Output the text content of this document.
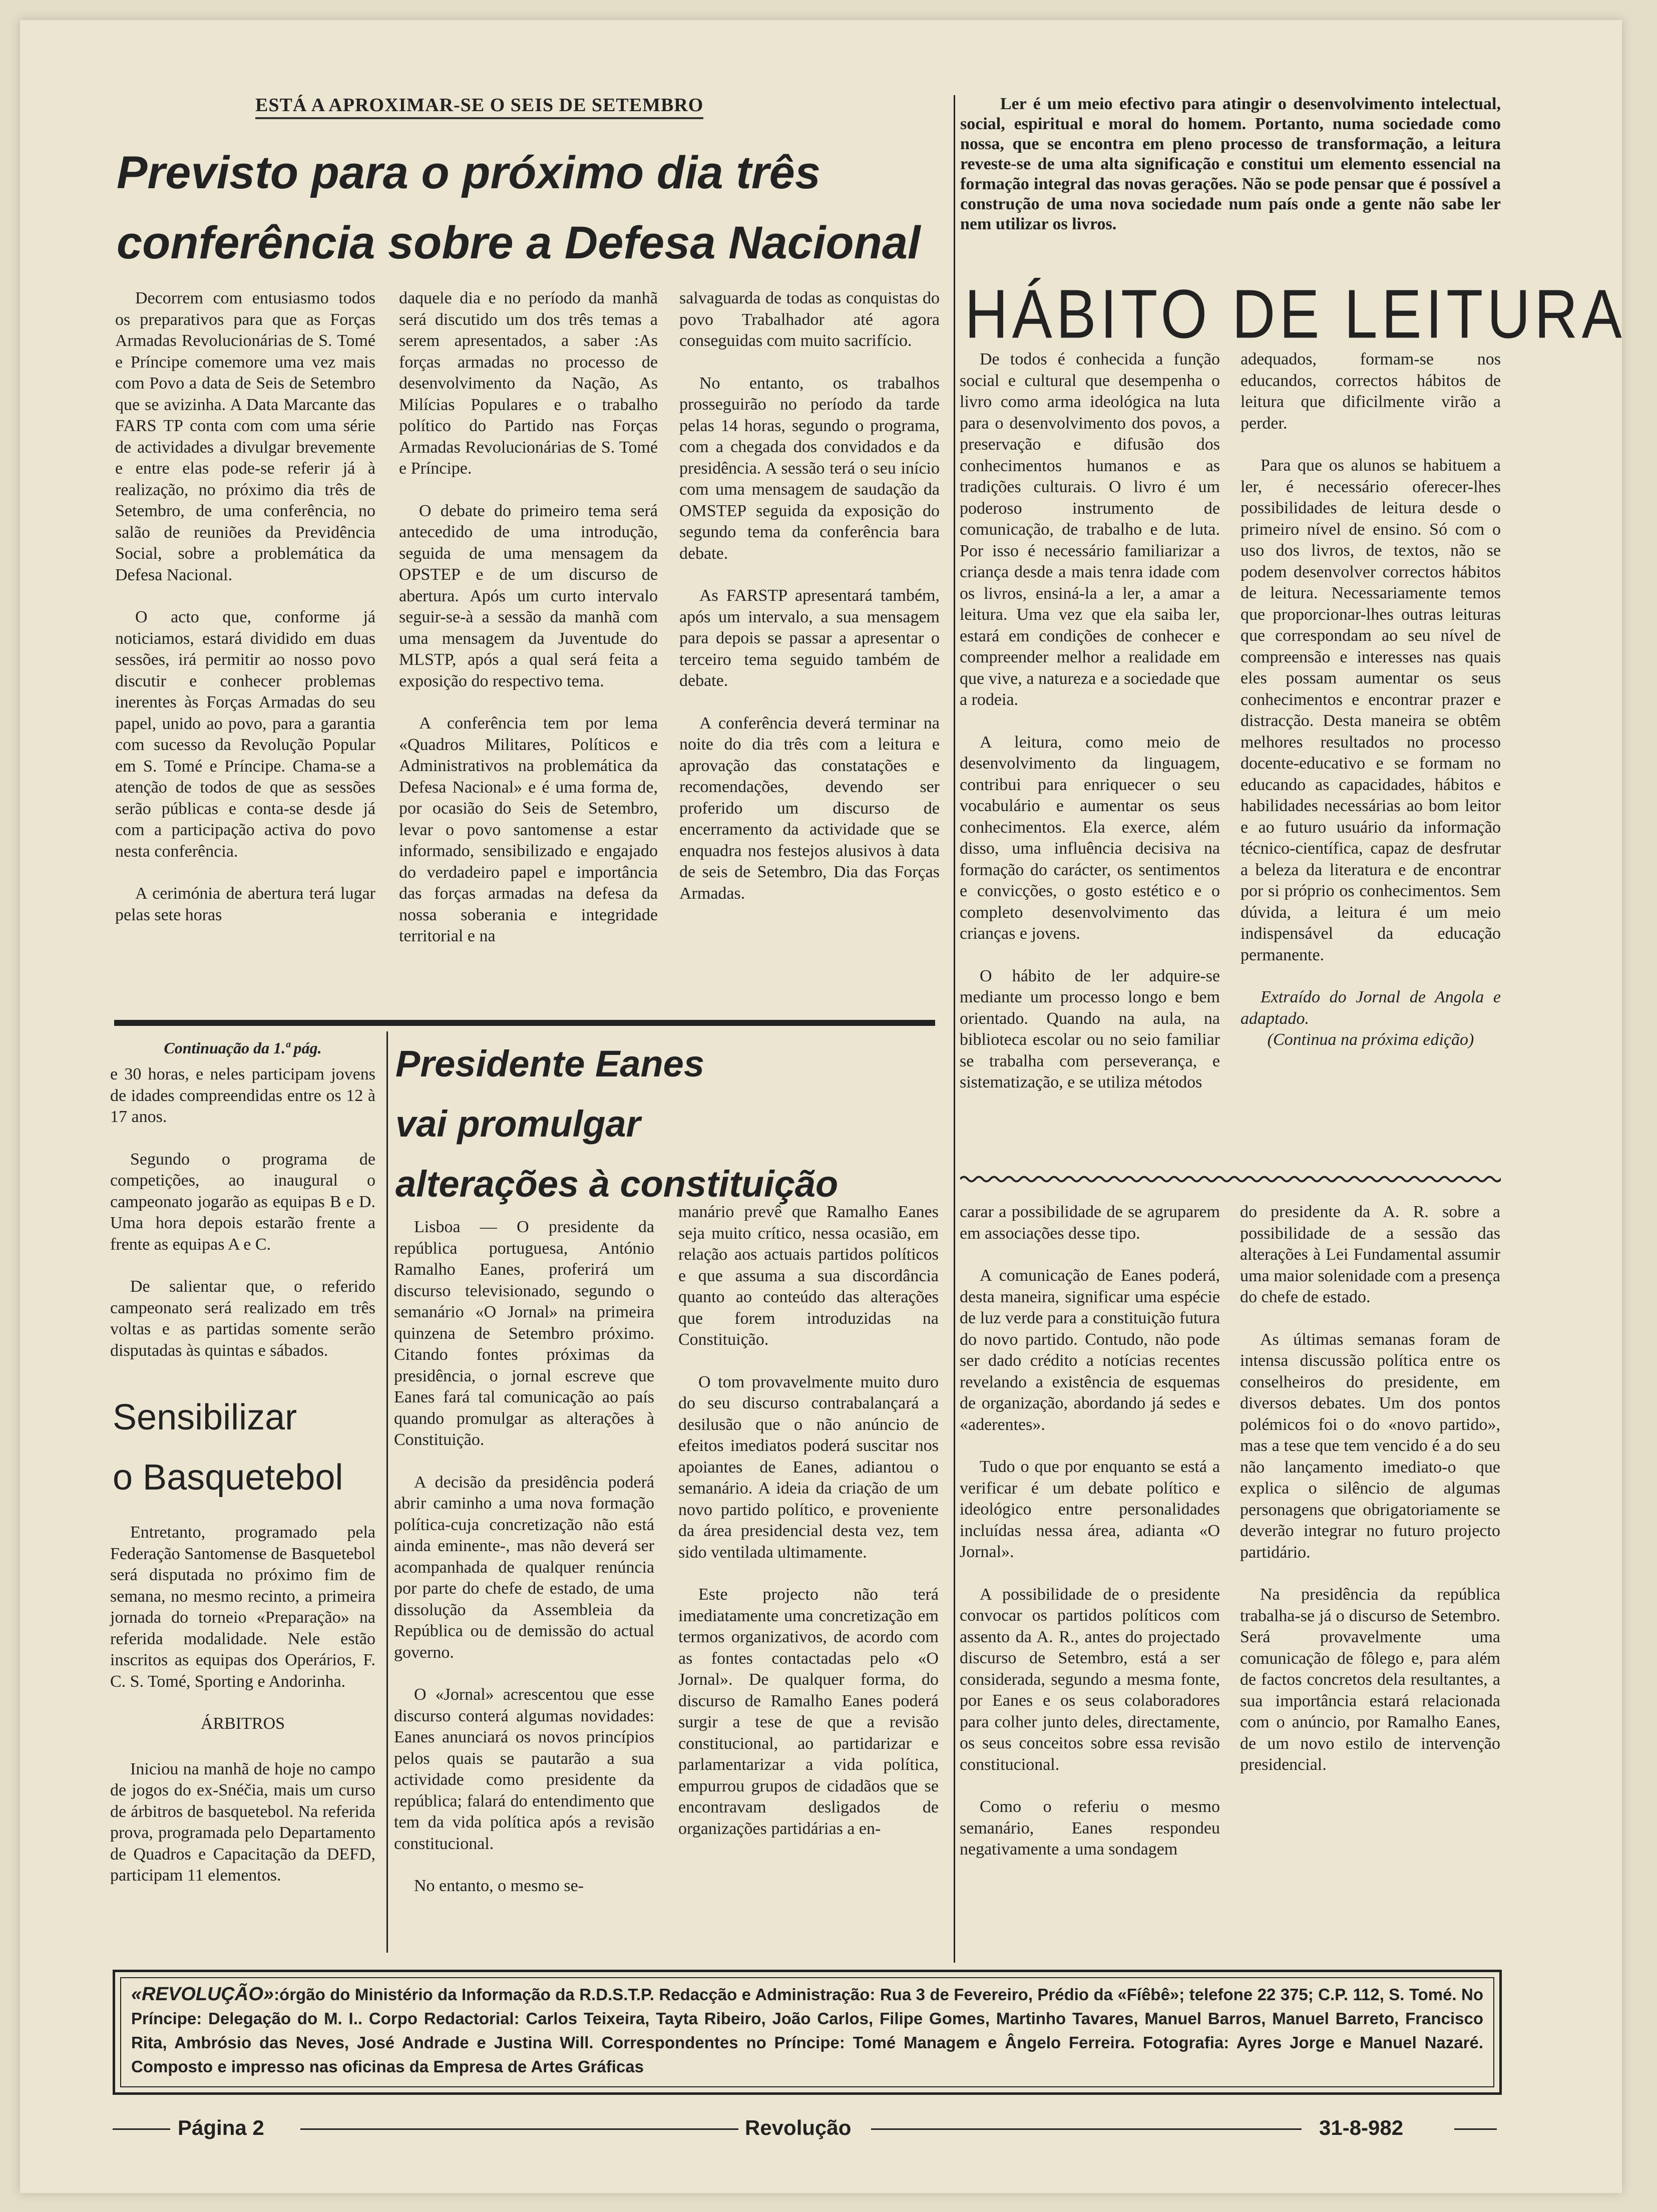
ESTÁ A APROXIMAR-SE O SEIS DE SETEMBRO
Previsto para o próximo dia três
conferência sobre a Defesa Nacional

Decorrem com entusiasmo todos os preparativos para que as Forças Armadas Revolucionárias de S. Tomé e Príncipe comemore uma vez mais com Povo a data de Seis de Setembro que se avizinha. A Data Marcante das FARS TP conta com com uma série de actividades a divulgar brevemente e entre elas pode-se referir já à realização, no próximo dia três de Setembro, de uma conferência, no salão de reuniões da Previdência Social, sobre a problemática da Defesa Nacional.

O acto que, conforme já noticiamos, estará dividido em duas sessões, irá permitir ao nosso povo discutir e conhecer problemas inerentes às Forças Armadas do seu papel, unido ao povo, para a garantia com sucesso da Revolução Popular em S. Tomé e Príncipe. Chama-se a atenção de todos de que as sessões serão públicas e conta-se desde já com a participação activa do povo nesta conferência.

A cerimónia de abertura terá lugar pelas sete horas

daquele dia e no período da manhã será discutido um dos três temas a serem apresentados, a saber :As forças armadas no processo de desenvolvimento da Nação, As Milícias Populares e o trabalho político do Partido nas Forças Armadas Revolucionárias de S. Tomé e Príncipe.

O debate do primeiro tema será antecedido de uma introdução, seguida de uma mensagem da OPSTEP e de um discurso de abertura. Após um curto intervalo seguir-se-à a sessão da manhã com uma mensagem da Juventude do MLSTP, após a qual será feita a exposição do respectivo tema.

A conferência tem por lema «Quadros Militares, Políticos e Administrativos na problemática da Defesa Nacional» e é uma forma de, por ocasião do Seis de Setembro, levar o povo santomense a estar informado, sensibilizado e engajado do verdadeiro papel e importância das forças armadas na defesa da nossa soberania e integridade territorial e na

salvaguarda de todas as conquistas do povo Trabalhador até agora conseguidas com muito sacrifício.

No entanto, os trabalhos prosseguirão no período da tarde pelas 14 horas, segundo o programa, com a chegada dos convidados e da presidência. A sessão terá o seu início com uma mensagem de saudação da OMSTEP seguida da exposição do segundo tema da conferência bara debate.

As FARSTP apresentará também, após um intervalo, a sua mensagem para depois se passar a apresentar o terceiro tema seguido também de debate.

A conferência deverá terminar na noite do dia três com a leitura e aprovação das constatações e recomendações, devendo ser proferido um discurso de encerramento da actividade que se enquadra nos festejos alusivos à data de seis de Setembro, Dia das Forças Armadas.

Continuação da 1.ª pág.

e 30 horas, e neles participam jovens de idades compreendidas entre os 12 à 17 anos.

Segundo o programa de competições, ao inaugural o campeonato jogarão as equipas B e D. Uma hora depois estarão frente a frente as equipas A e C.

De salientar que, o referido campeonato será realizado em três voltas e as partidas somente serão disputadas às quintas e sábados.

Sensibilizar
o Basquetebol

Entretanto, programado pela Federação Santomense de Basquetebol será disputada no próximo fim de semana, no mesmo recinto, a primeira jornada do torneio «Preparação» na referida modalidade. Nele estão inscritos as equipas dos Operários, F. C. S. Tomé, Sporting e Andorinha.

ÁRBITROS

Iniciou na manhã de hoje no campo de jogos do ex-Snéčia, mais um curso de árbitros de basquetebol. Na referida prova, programada pelo Departamento de Quadros e Capacitação da DEFD, participam 11 elementos.

Presidente Eanes
vai promulgar
alterações à constituição

Lisboa — O presidente da república portuguesa, António Ramalho Eanes, proferirá um discurso televisionado, segundo o semanário «O Jornal» na primeira quinzena de Setembro próximo. Citando fontes próximas da presidência, o jornal escreve que Eanes fará tal comunicação ao país quando promulgar as alterações à Constituição.

A decisão da presidência poderá abrir caminho a uma nova formação política-cuja concretização não está ainda eminente-, mas não deverá ser acompanhada de qualquer renúncia por parte do chefe de estado, de uma dissolução da Assembleia da República ou de demissão do actual governo.

O «Jornal» acrescentou que esse discurso conterá algumas novidades: Eanes anunciará os novos princípios pelos quais se pautarão a sua actividade como presidente da república; falará do entendimento que tem da vida política após a revisão constitucional.

No entanto, o mesmo se-

manário prevê que Ramalho Eanes seja muito crítico, nessa ocasião, em relação aos actuais partidos políticos e que assuma a sua discordância quanto ao conteúdo das alterações que forem introduzidas na Constituição.

O tom provavelmente muito duro do seu discurso contrabalançará a desilusão que o não anúncio de efeitos imediatos poderá suscitar nos apoiantes de Eanes, adiantou o semanário. A ideia da criação de um novo partido político, e proveniente da área presidencial desta vez, tem sido ventilada ultimamente.

Este projecto não terá imediatamente uma concretização em termos organizativos, de acordo com as fontes contactadas pelo «O Jornal». De qualquer forma, do discurso de Ramalho Eanes poderá surgir a tese de que a revisão constitucional, ao partidarizar e parlamentarizar a vida política, empurrou grupos de cidadãos que se encontravam desligados de organizações partidárias a en-

carar a possibilidade de se agruparem em associações desse tipo.

A comunicação de Eanes poderá, desta maneira, significar uma espécie de luz verde para a constituição futura do novo partido. Contudo, não pode ser dado crédito a notícias recentes revelando a existência de esquemas de organização, abordando já sedes e «aderentes».

Tudo o que por enquanto se está a verificar é um debate político e ideológico entre personalidades incluídas nessa área, adianta «O Jornal».

A possibilidade de o presidente convocar os partidos políticos com assento da A. R., antes do projectado discurso de Setembro, está a ser considerada, segundo a mesma fonte, por Eanes e os seus colaboradores para colher junto deles, directamente, os seus conceitos sobre essa revisão constitucional.

Como o referiu o mesmo semanário, Eanes respondeu negativamente a uma sondagem

do presidente da A. R. sobre a possibilidade de a sessão das alterações à Lei Fundamental assumir uma maior solenidade com a presença do chefe de estado.

As últimas semanas foram de intensa discussão política entre os conselheiros do presidente, em diversos debates. Um dos pontos polémicos foi o do «novo partido», mas a tese que tem vencido é a do seu não lançamento imediato-o que explica o silêncio de algumas personagens que obrigatoriamente se deverão integrar no futuro projecto partidário.

Na presidência da república trabalha-se já o discurso de Setembro. Será provavelmente uma comunicação de fôlego e, para além de factos concretos dela resultantes, a sua importância estará relacionada com o anúncio, por Ramalho Eanes, de um novo estilo de intervenção presidencial.

Ler é um meio efectivo para atingir o desenvolvimento intelectual, social, espiritual e moral do homem. Portanto, numa sociedade como nossa, que se encontra em pleno processo de transformação, a leitura reveste-se de uma alta significação e constitui um elemento essencial na formação integral das novas gerações. Não se pode pensar que é possível a construção de uma nova sociedade num país onde a gente não sabe ler nem utilizar os livros.

HÁBITO DE LEITURA

De todos é conhecida a função social e cultural que desempenha o livro como arma ideológica na luta para o desenvolvimento dos povos, a preservação e difusão dos conhecimentos humanos e as tradições culturais. O livro é um poderoso instrumento de comunicação, de trabalho e de luta. Por isso é necessário familiarizar a criança desde a mais tenra idade com os livros, ensiná-la a ler, a amar a leitura. Uma vez que ela saiba ler, estará em condições de conhecer e compreender melhor a realidade em que vive, a natureza e a sociedade que a rodeia.

A leitura, como meio de desenvolvimento da linguagem, contribui para enriquecer o seu vocabulário e aumentar os seus conhecimentos. Ela exerce, além disso, uma influência decisiva na formação do carácter, os sentimentos e convicções, o gosto estético e o completo desenvolvimento das crianças e jovens.

O hábito de ler adquire-se mediante um processo longo e bem orientado. Quando na aula, na biblioteca escolar ou no seio familiar se trabalha com perseverança, e sistematização, e se utiliza métodos

adequados, formam-se nos educandos, correctos hábitos de leitura que dificilmente virão a perder.

Para que os alunos se habituem a ler, é necessário oferecer-lhes possibilidades de leitura desde o primeiro nível de ensino. Só com o uso dos livros, de textos, não se podem desenvolver correctos hábitos de leitura. Necessariamente temos que proporcionar-lhes outras leituras que correspondam ao seu nível de compreensão e interesses nas quais eles possam aumentar os seus conhecimentos e encontrar prazer e distracção. Desta maneira se obtêm melhores resultados no processo docente-educativo e se formam no educando as capacidades, hábitos e habilidades necessárias ao bom leitor e ao futuro usuário da informação técnico-científica, capaz de desfrutar a beleza da literatura e de encontrar por si próprio os conhecimentos. Sem dúvida, a leitura é um meio indispensável da educação permanente.

Extraído do Jornal de Angola e adaptado.

(Continua na próxima edição)
«REVOLUÇÃO»:órgão do Ministério da Informação da R.D.S.T.P. Redacção e Administração: Rua 3 de Fevereiro, Prédio da «Fíêbê»; telefone 22 375; C.P. 112, S. Tomé. No Príncipe: Delegação do M. I.. Corpo Redactorial: Carlos Teixeira, Tayta Ribeiro, João Carlos, Filipe Gomes, Martinho Tavares, Manuel Barros, Manuel Barreto, Francisco Rita, Ambrósio das Neves, José Andrade e Justina Will. Correspondentes no Príncipe: Tomé Managem e Ângelo Ferreira. Fotografia: Ayres Jorge e Manuel Nazaré. Composto e impresso nas oficinas da Empresa de Artes Gráficas
Página 2	Revolução	31-8-982
